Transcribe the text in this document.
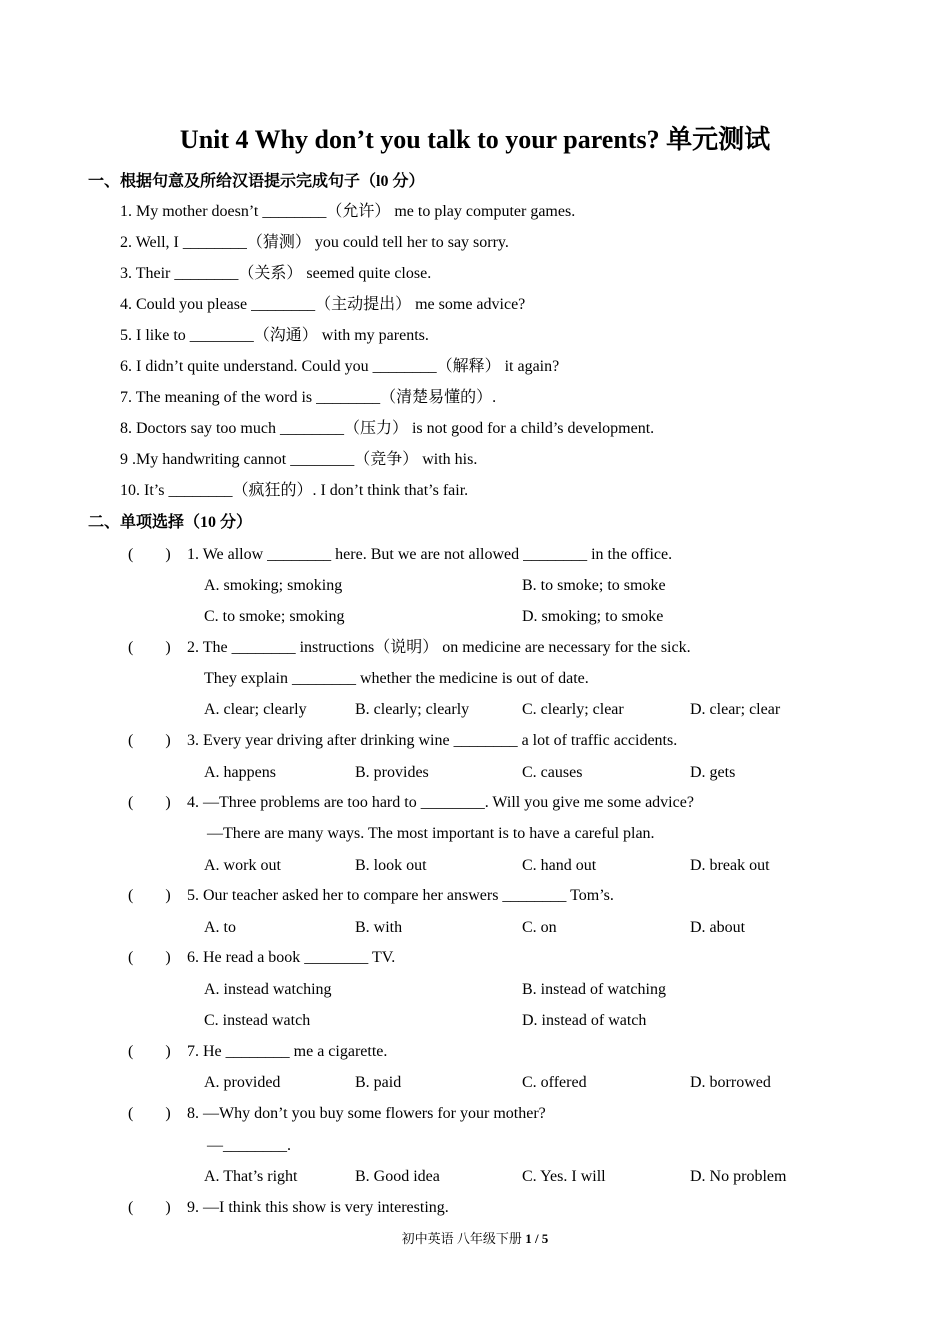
Unit 4 Why don’t you talk to your parents? 单元测试
一、根据句意及所给汉语提示完成句子（l0 分）
1. My mother doesn’t ________（允许） me to play computer games.
2. Well, I ________（猜测） you could tell her to say sorry.
3. Their ________（关系） seemed quite close.
4. Could you please ________（主动提出） me some advice?
5. I like to ________（沟通） with my parents.
6. I didn’t quite understand. Could you ________（解释） it again?
7. The meaning of the word is ________（清楚易懂的）.
8. Doctors say too much ________（压力） is not good for a child’s development.
9 .My handwriting cannot ________（竞争） with his.
10. It’s ________（疯狂的）. I don’t think that’s fair.
二、单项选择（10 分）
(        ) 1. We allow ________ here. But we are not allowed ________ in the office.
A. smoking; smoking	B. to smoke; to smoke
C. to smoke; smoking	D. smoking; to smoke
(        ) 2. The ________ instructions（说明） on medicine are necessary for the sick.
They explain ________ whether the medicine is out of date.
A. clear; clearly	B. clearly; clearly	C. clearly; clear	D. clear; clear
(        ) 3. Every year driving after drinking wine ________ a lot of traffic accidents.
A. happens	B. provides	C. causes	D. gets
(        ) 4. —Three problems are too hard to ________. Will you give me some advice?
—There are many ways. The most important is to have a careful plan.
A. work out	B. look out	C. hand out	D. break out
(        ) 5. Our teacher asked her to compare her answers ________ Tom’s.
A. to	B. with	C. on	D. about
(        ) 6. He read a book ________ TV.
A. instead watching	B. instead of watching
C. instead watch	D. instead of watch
(        ) 7. He ________ me a cigarette.
A. provided	B. paid	C. offered	D. borrowed
(        ) 8. —Why don’t you buy some flowers for your mother?
—________.
A. That’s right	B. Good idea	C. Yes. I will	D. No problem
(        ) 9. —I think this show is very interesting.
初中英语 八年级下册 1 / 5
